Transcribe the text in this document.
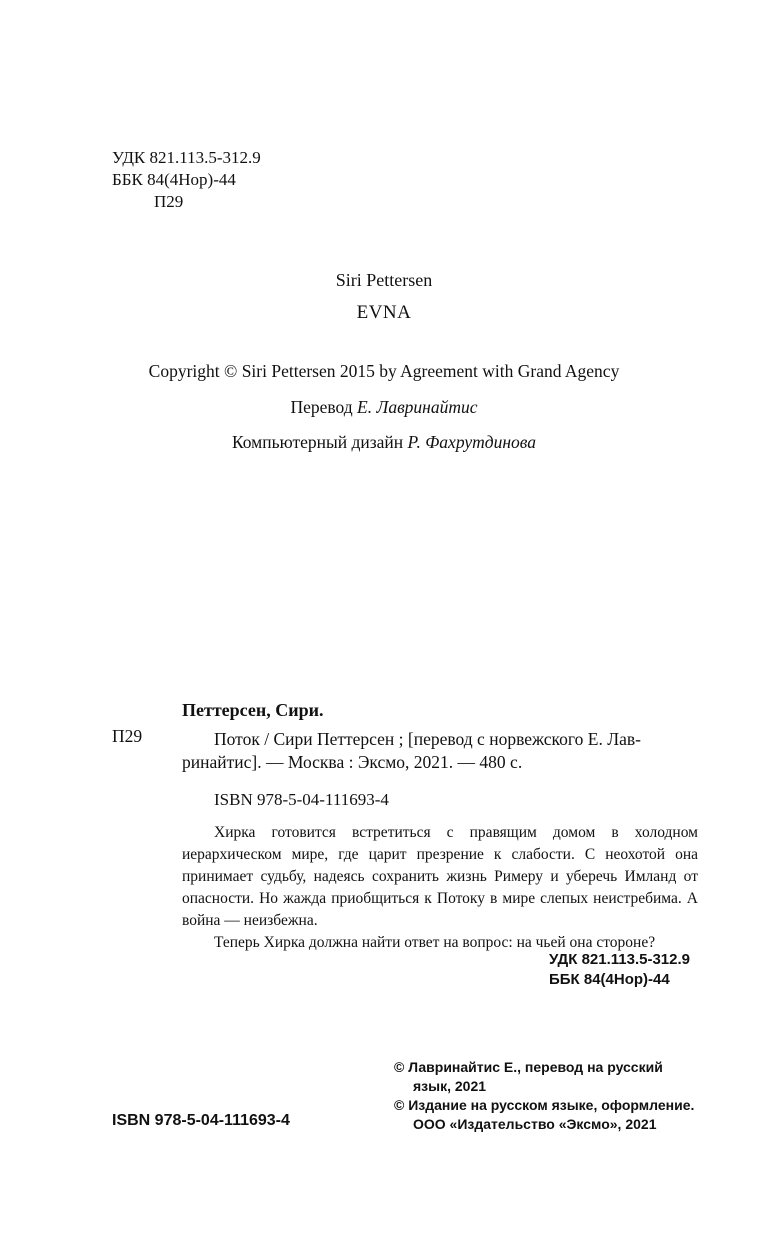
УДК 821.113.5-312.9
ББК 84(4Нор)-44
П29
Siri Pettersen
EVNA
Copyright © Siri Pettersen 2015 by Agreement with Grand Agency
Перевод Е. Лавринайтис
Компьютерный дизайн Р. Фахрутдинова
Петтерсен, Сири.
П29	Поток / Сири Петтерсен ; [перевод с норвежского Е. Лав-
ринайтис]. — Москва : Эксмо, 2021. — 480 с.
ISBN 978-5-04-111693-4

Хирка готовится встретиться с правящим домом в холодном иерархическом мире, где царит презрение к слабости. С неохотой она принимает судьбу, надеясь сохранить жизнь Римеру и уберечь Имланд от опасности. Но жажда приобщиться к Потоку в мире слепых неистребима. А война — неизбежна.

Теперь Хирка должна найти ответ на вопрос: на чьей она стороне?

УДК 821.113.5-312.9
ББК 84(4Нор)-44
© Лавринайтис Е., перевод на русский
язык, 2021
© Издание на русском языке, оформление.
ООО «Издательство «Эксмо», 2021
ISBN 978-5-04-111693-4
